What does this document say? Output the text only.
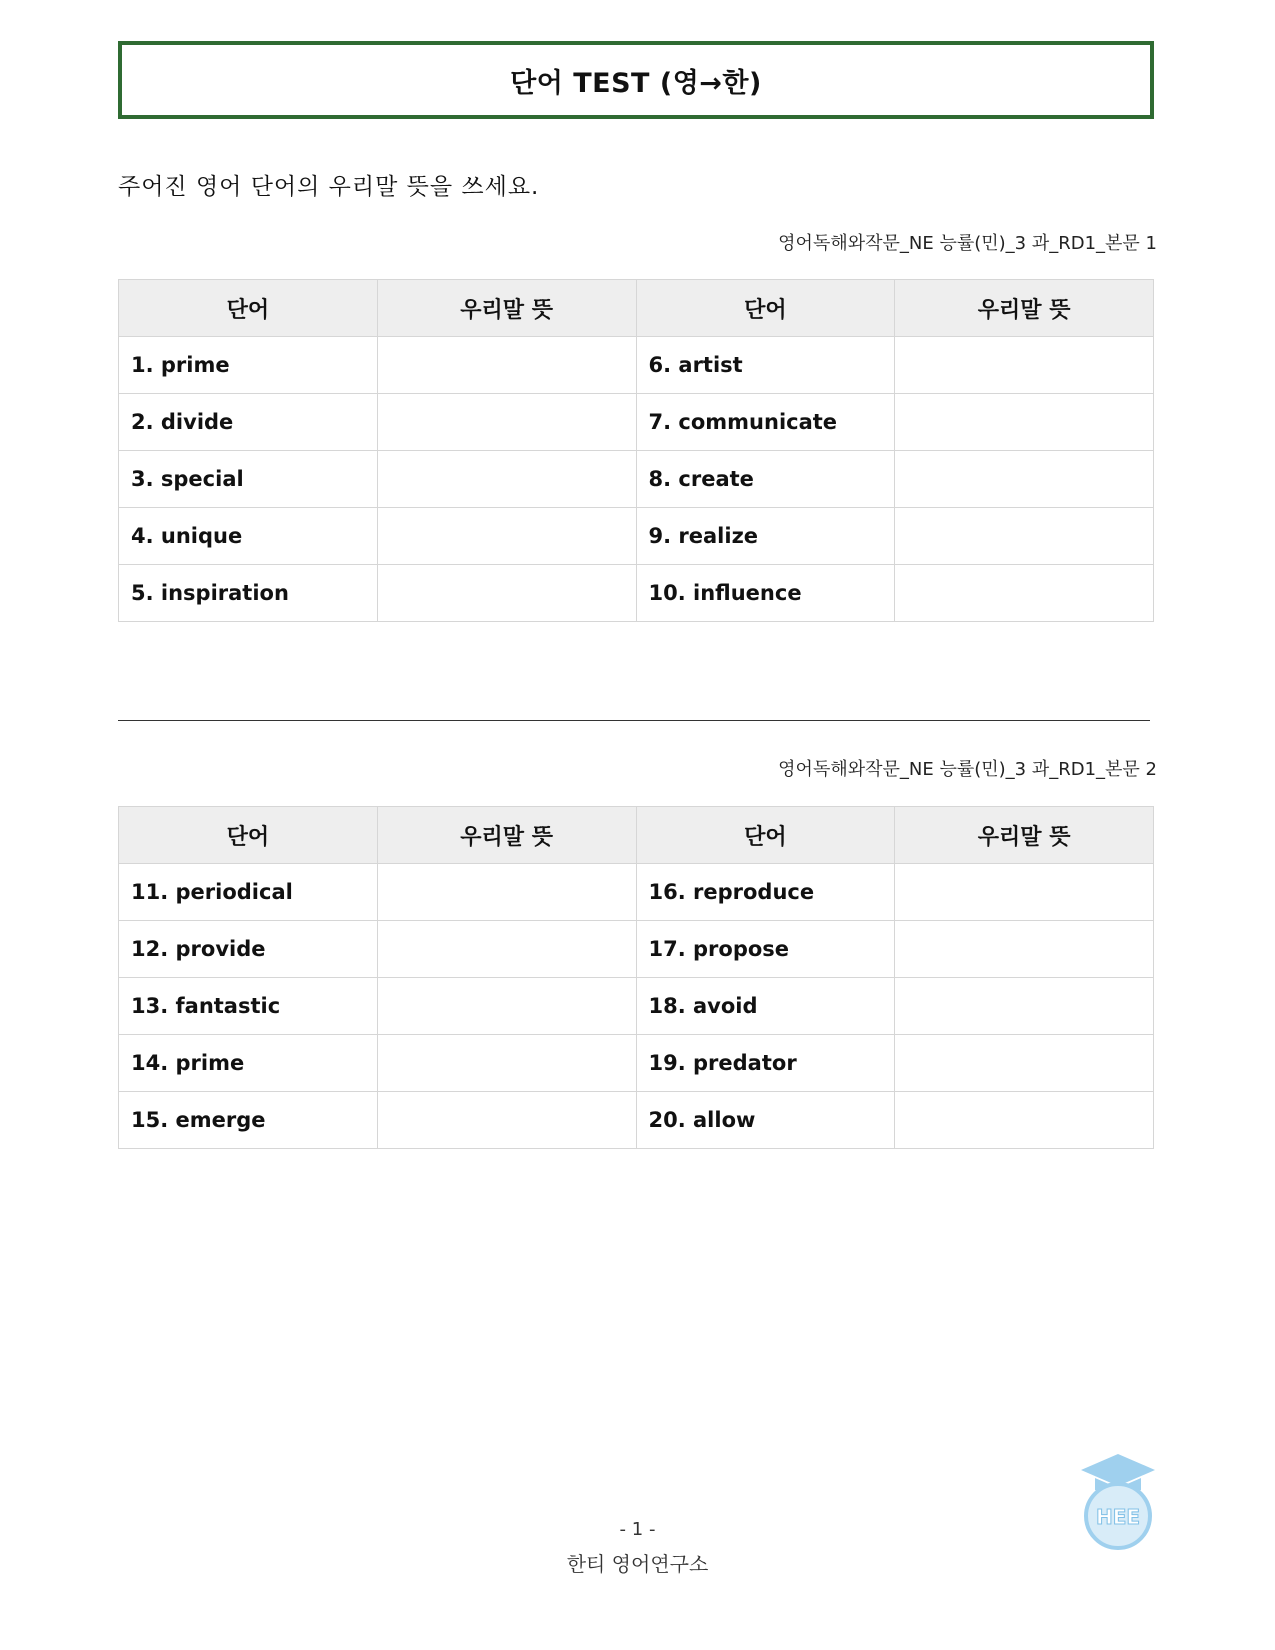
단어 TEST (영→한)
주어진 영어 단어의 우리말 뜻을 쓰세요.
영어독해와작문_NE 능률(민)_3 과_RD1_본문 1
단어	우리말 뜻	단어	우리말 뜻
1. prime		6. artist	
2. divide		7. communicate	
3. special		8. create	
4. unique		9. realize	
5. inspiration		10. influence	
영어독해와작문_NE 능률(민)_3 과_RD1_본문 2
단어	우리말 뜻	단어	우리말 뜻
11. periodical		16. reproduce	
12. provide		17. propose	
13. fantastic		18. avoid	
14. prime		19. predator	
15. emerge		20. allow	
HEE
- 1 -
한티 영어연구소
